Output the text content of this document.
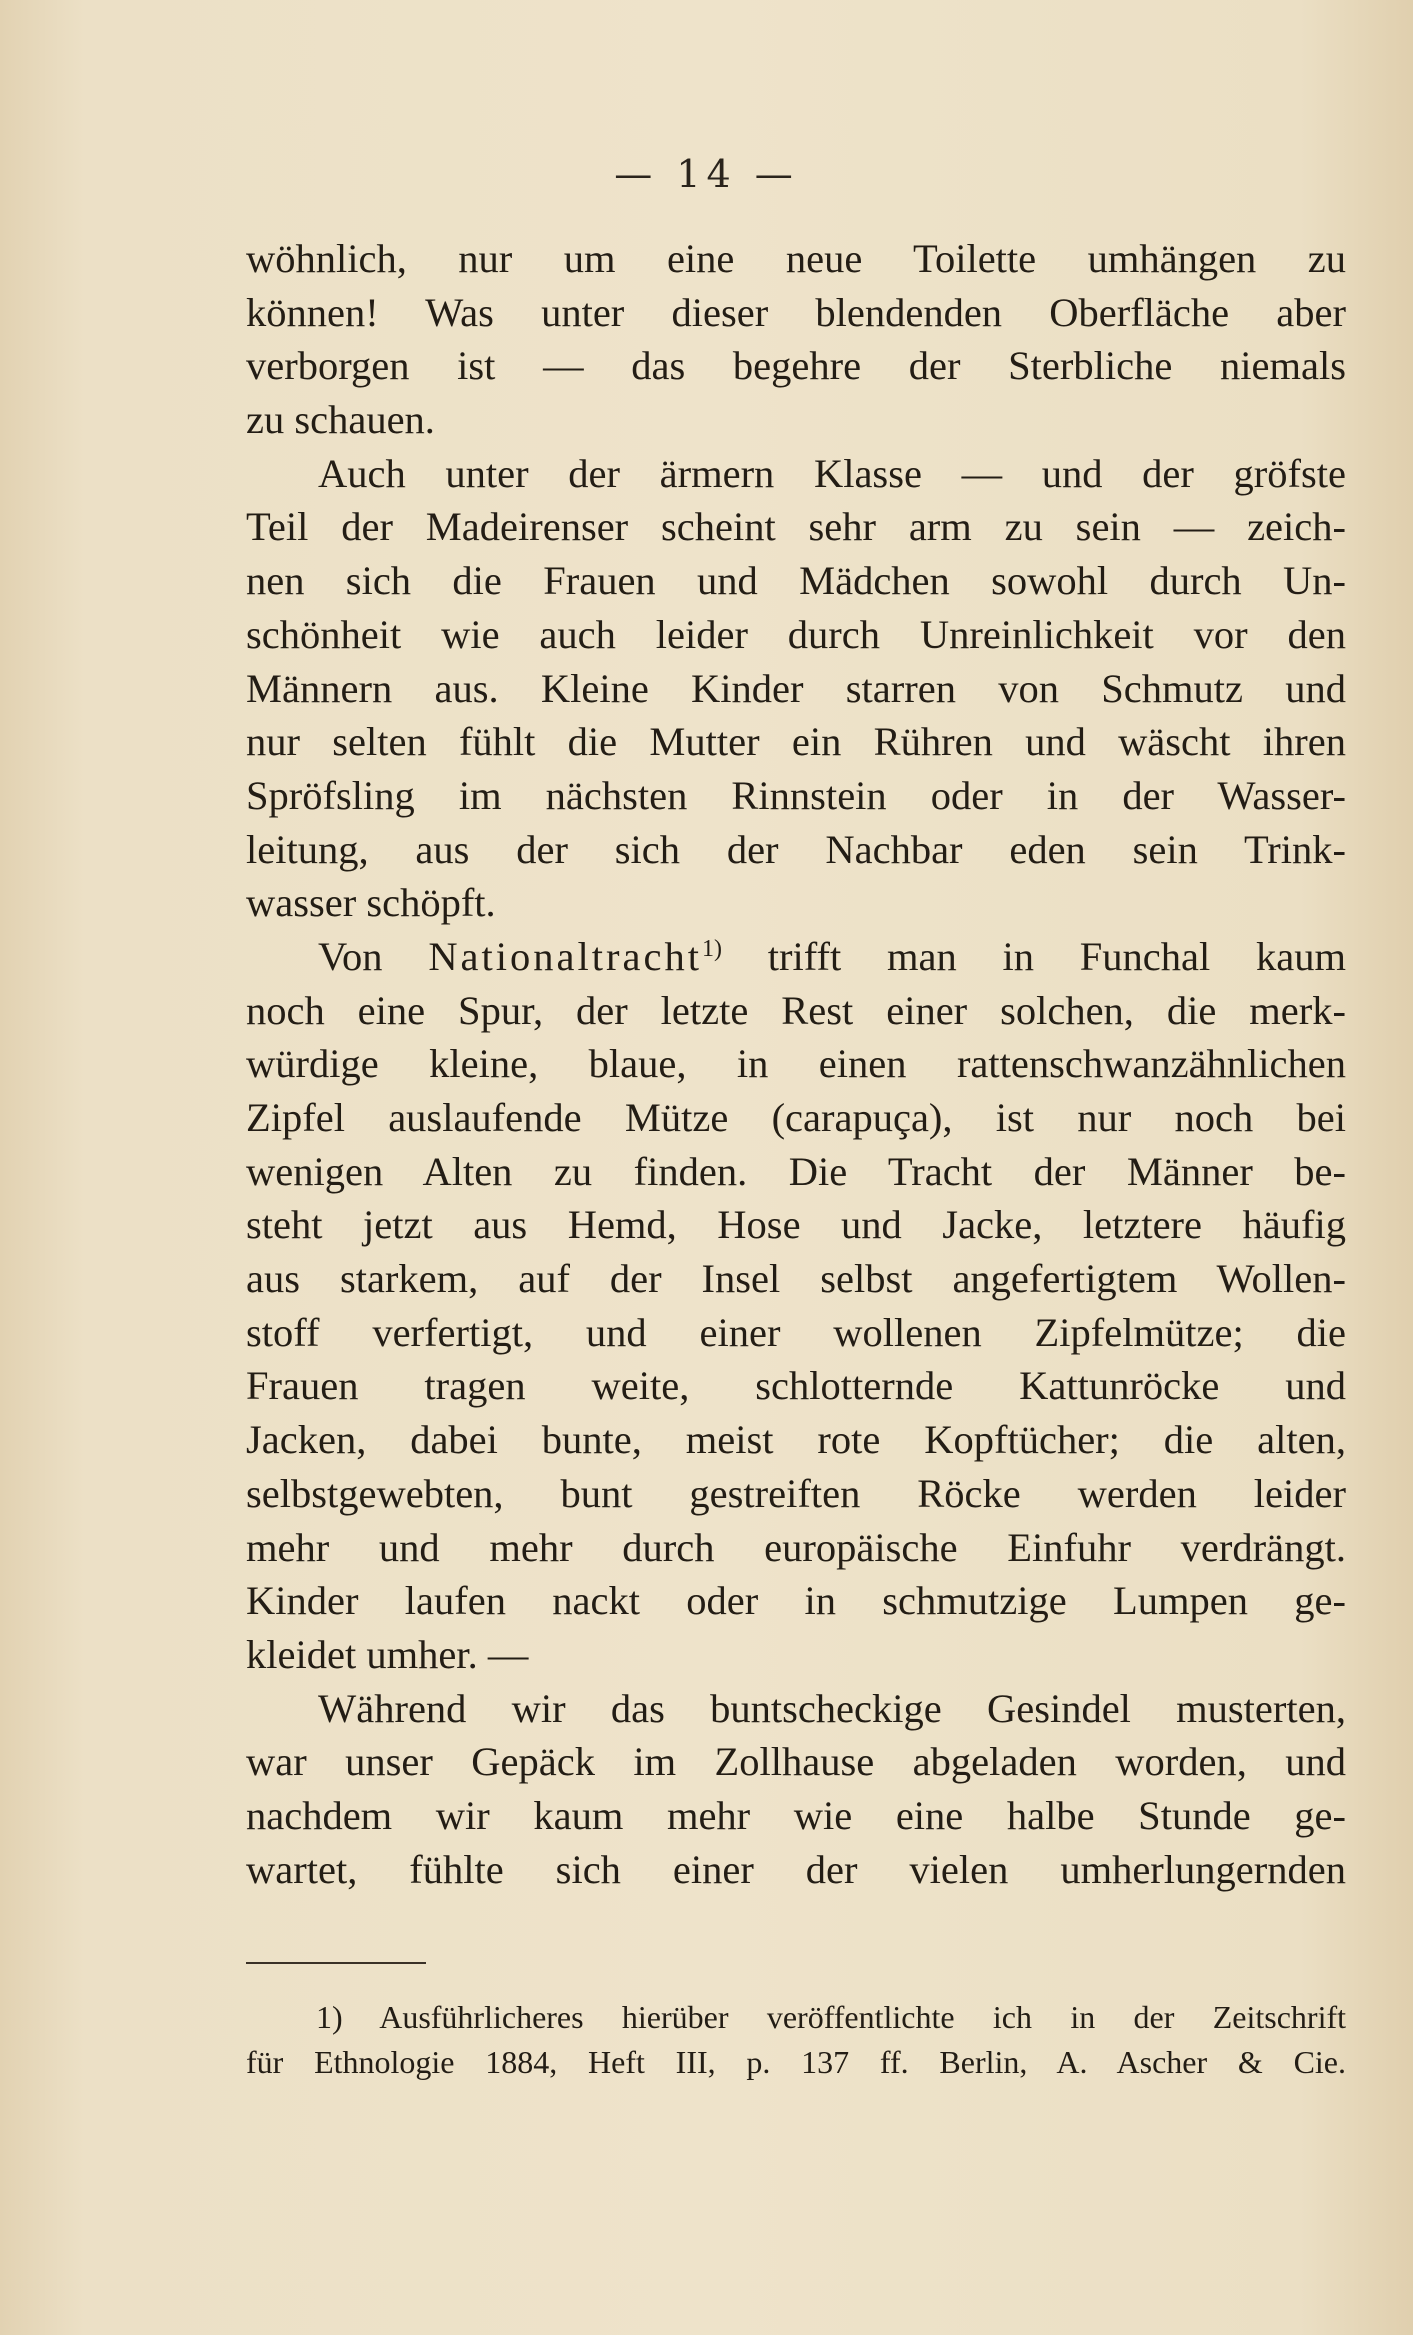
— 14 —
wöhnlich, nur um eine neue Toilette umhängen zu
können! Was unter dieser blendenden Oberfläche aber
verborgen ist — das begehre der Sterbliche niemals
zu schauen.
Auch unter der ärmern Klasse — und der gröfste
Teil der Madeirenser scheint sehr arm zu sein — zeich-
nen sich die Frauen und Mädchen sowohl durch Un-
schönheit wie auch leider durch Unreinlichkeit vor den
Männern aus. Kleine Kinder starren von Schmutz und
nur selten fühlt die Mutter ein Rühren und wäscht ihren
Spröfsling im nächsten Rinnstein oder in der Wasser-
leitung, aus der sich der Nachbar eden sein Trink-
wasser schöpft.
Von Nationaltracht$^{1)}$ trifft man in Funchal kaum
noch eine Spur, der letzte Rest einer solchen, die merk-
würdige kleine, blaue, in einen rattenschwanzähnlichen
Zipfel auslaufende Mütze (carapuça), ist nur noch bei
wenigen Alten zu finden. Die Tracht der Männer be-
steht jetzt aus Hemd, Hose und Jacke, letztere häufig
aus starkem, auf der Insel selbst angefertigtem Wollen-
stoff verfertigt, und einer wollenen Zipfelmütze; die
Frauen tragen weite, schlotternde Kattunröcke und
Jacken, dabei bunte, meist rote Kopftücher; die alten,
selbstgewebten, bunt gestreiften Röcke werden leider
mehr und mehr durch europäische Einfuhr verdrängt.
Kinder laufen nackt oder in schmutzige Lumpen ge-
kleidet umher. —
Während wir das buntscheckige Gesindel musterten,
war unser Gepäck im Zollhause abgeladen worden, und
nachdem wir kaum mehr wie eine halbe Stunde ge-
wartet, fühlte sich einer der vielen umherlungernden
1) Ausführlicheres hierüber veröffentlichte ich in der Zeitschrift
für Ethnologie 1884, Heft III, p. 137 ff. Berlin, A. Ascher & Cie.
